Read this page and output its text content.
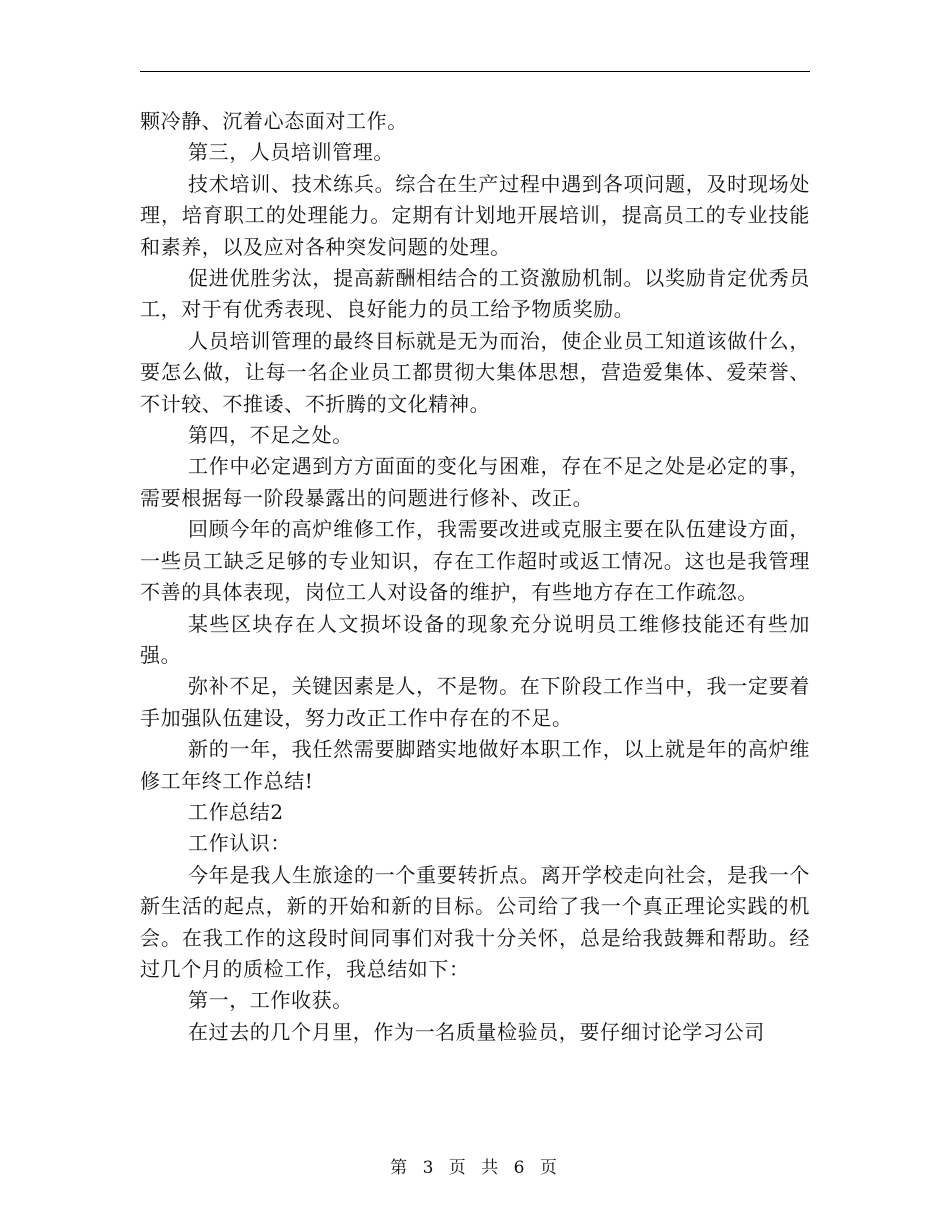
颗冷静、沉着心态面对工作。

第三，人员培训管理。

技术培训、技术练兵。综合在生产过程中遇到各项问题，及时现场处理，培育职工的处理能力。定期有计划地开展培训，提高员工的专业技能和素养，以及应对各种突发问题的处理。

促进优胜劣汰，提高薪酬相结合的工资激励机制。以奖励肯定优秀员工，对于有优秀表现、良好能力的员工给予物质奖励。

人员培训管理的最终目标就是无为而治，使企业员工知道该做什么，要怎么做，让每一名企业员工都贯彻大集体思想，营造爱集体、爱荣誉、不计较、不推诿、不折腾的文化精神。

第四，不足之处。

工作中必定遇到方方面面的变化与困难，存在不足之处是必定的事，需要根据每一阶段暴露出的问题进行修补、改正。

回顾今年的高炉维修工作，我需要改进或克服主要在队伍建设方面，一些员工缺乏足够的专业知识，存在工作超时或返工情况。这也是我管理不善的具体表现，岗位工人对设备的维护，有些地方存在工作疏忽。

某些区块存在人文损坏设备的现象充分说明员工维修技能还有些加强。

弥补不足，关键因素是人，不是物。在下阶段工作当中，我一定要着手加强队伍建设，努力改正工作中存在的不足。

新的一年，我任然需要脚踏实地做好本职工作，以上就是年的高炉维修工年终工作总结!

工作总结2

工作认识：

今年是我人生旅途的一个重要转折点。离开学校走向社会，是我一个新生活的起点，新的开始和新的目标。公司给了我一个真正理论实践的机会。在我工作的这段时间同事们对我十分关怀，总是给我鼓舞和帮助。经过几个月的质检工作，我总结如下：

第一，工作收获。

在过去的几个月里，作为一名质量检验员，要仔细讨论学习公司

第 3 页 共 6 页
